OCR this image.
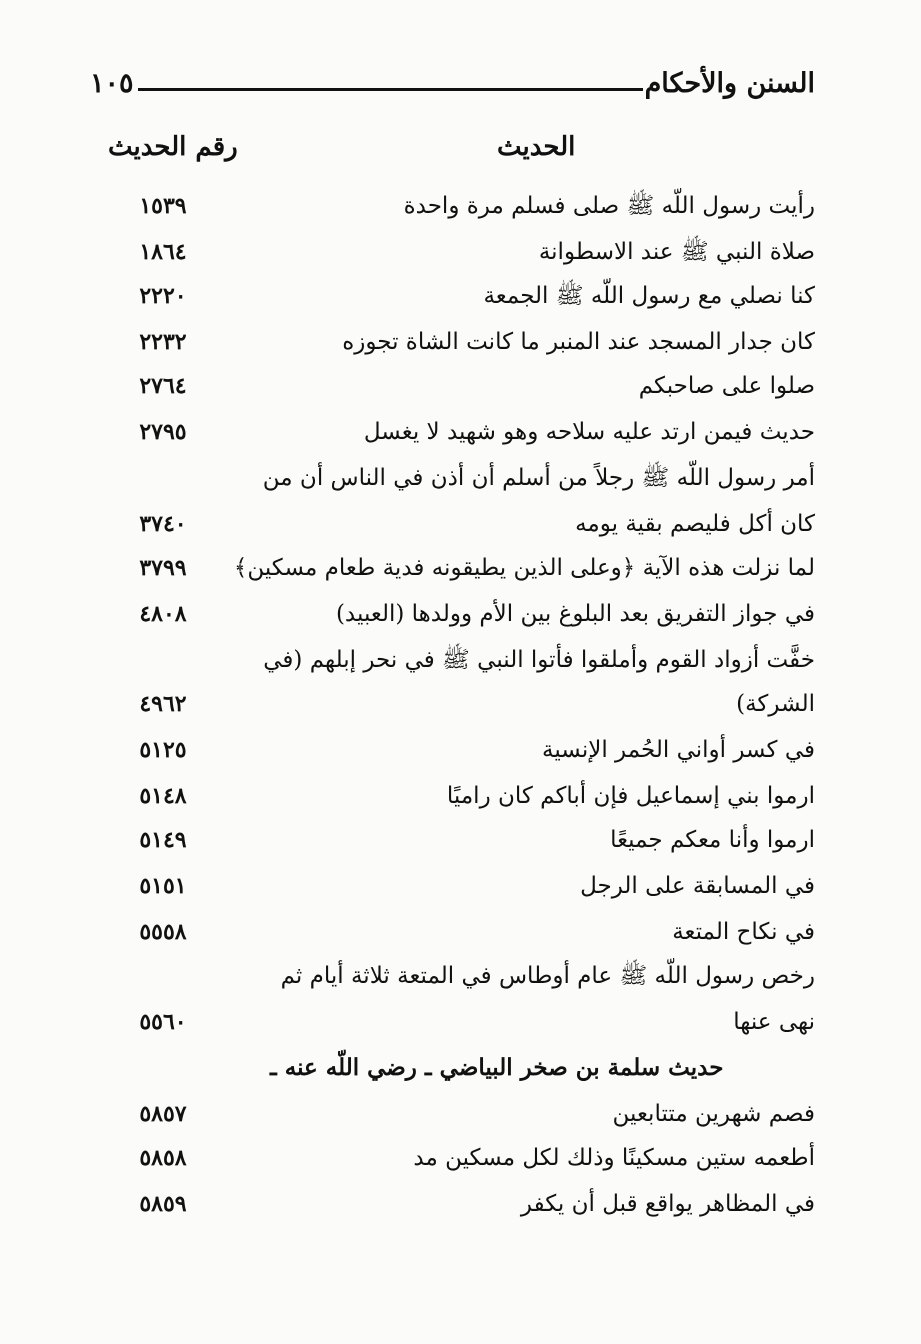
السنن والأحكام
١٠٥
الحديث
رقم الحديث
رأيت رسول اللّه ﷺ صلى فسلم مرة واحدة
١٥٣٩
صلاة النبي ﷺ عند الاسطوانة
١٨٦٤
كنا نصلي مع رسول اللّه ﷺ الجمعة
٢٢٢٠
كان جدار المسجد عند المنبر ما كانت الشاة تجوزه
٢٢٣٢
صلوا على صاحبكم
٢٧٦٤
حديث فيمن ارتد عليه سلاحه وهو شهيد لا يغسل
٢٧٩٥
أمر رسول اللّه ﷺ رجلاً من أسلم أن أذن في الناس أن من
كان أكل فليصم بقية يومه
٣٧٤٠
لما نزلت هذه الآية ﴿وعلى الذين يطيقونه فدية طعام مسكين﴾
٣٧٩٩
في جواز التفريق بعد البلوغ بين الأم وولدها (العبيد)
٤٨٠٨
خفَّت أزواد القوم وأملقوا فأتوا النبي ﷺ في نحر إبلهم (في
الشركة)
٤٩٦٢
في كسر أواني الحُمر الإنسية
٥١٢٥
ارموا بني إسماعيل فإن أباكم كان راميًا
٥١٤٨
ارموا وأنا معكم جميعًا
٥١٤٩
في المسابقة على الرجل
٥١٥١
في نكاح المتعة
٥٥٥٨
رخص رسول اللّه ﷺ عام أوطاس في المتعة ثلاثة أيام ثم
نهى عنها
٥٥٦٠
حديث سلمة بن صخر البياضي ـ رضي اللّه عنه ـ
فصم شهرين متتابعين
٥٨٥٧
أطعمه ستين مسكينًا وذلك لكل مسكين مد
٥٨٥٨
في المظاهر يواقع قبل أن يكفر
٥٨٥٩
